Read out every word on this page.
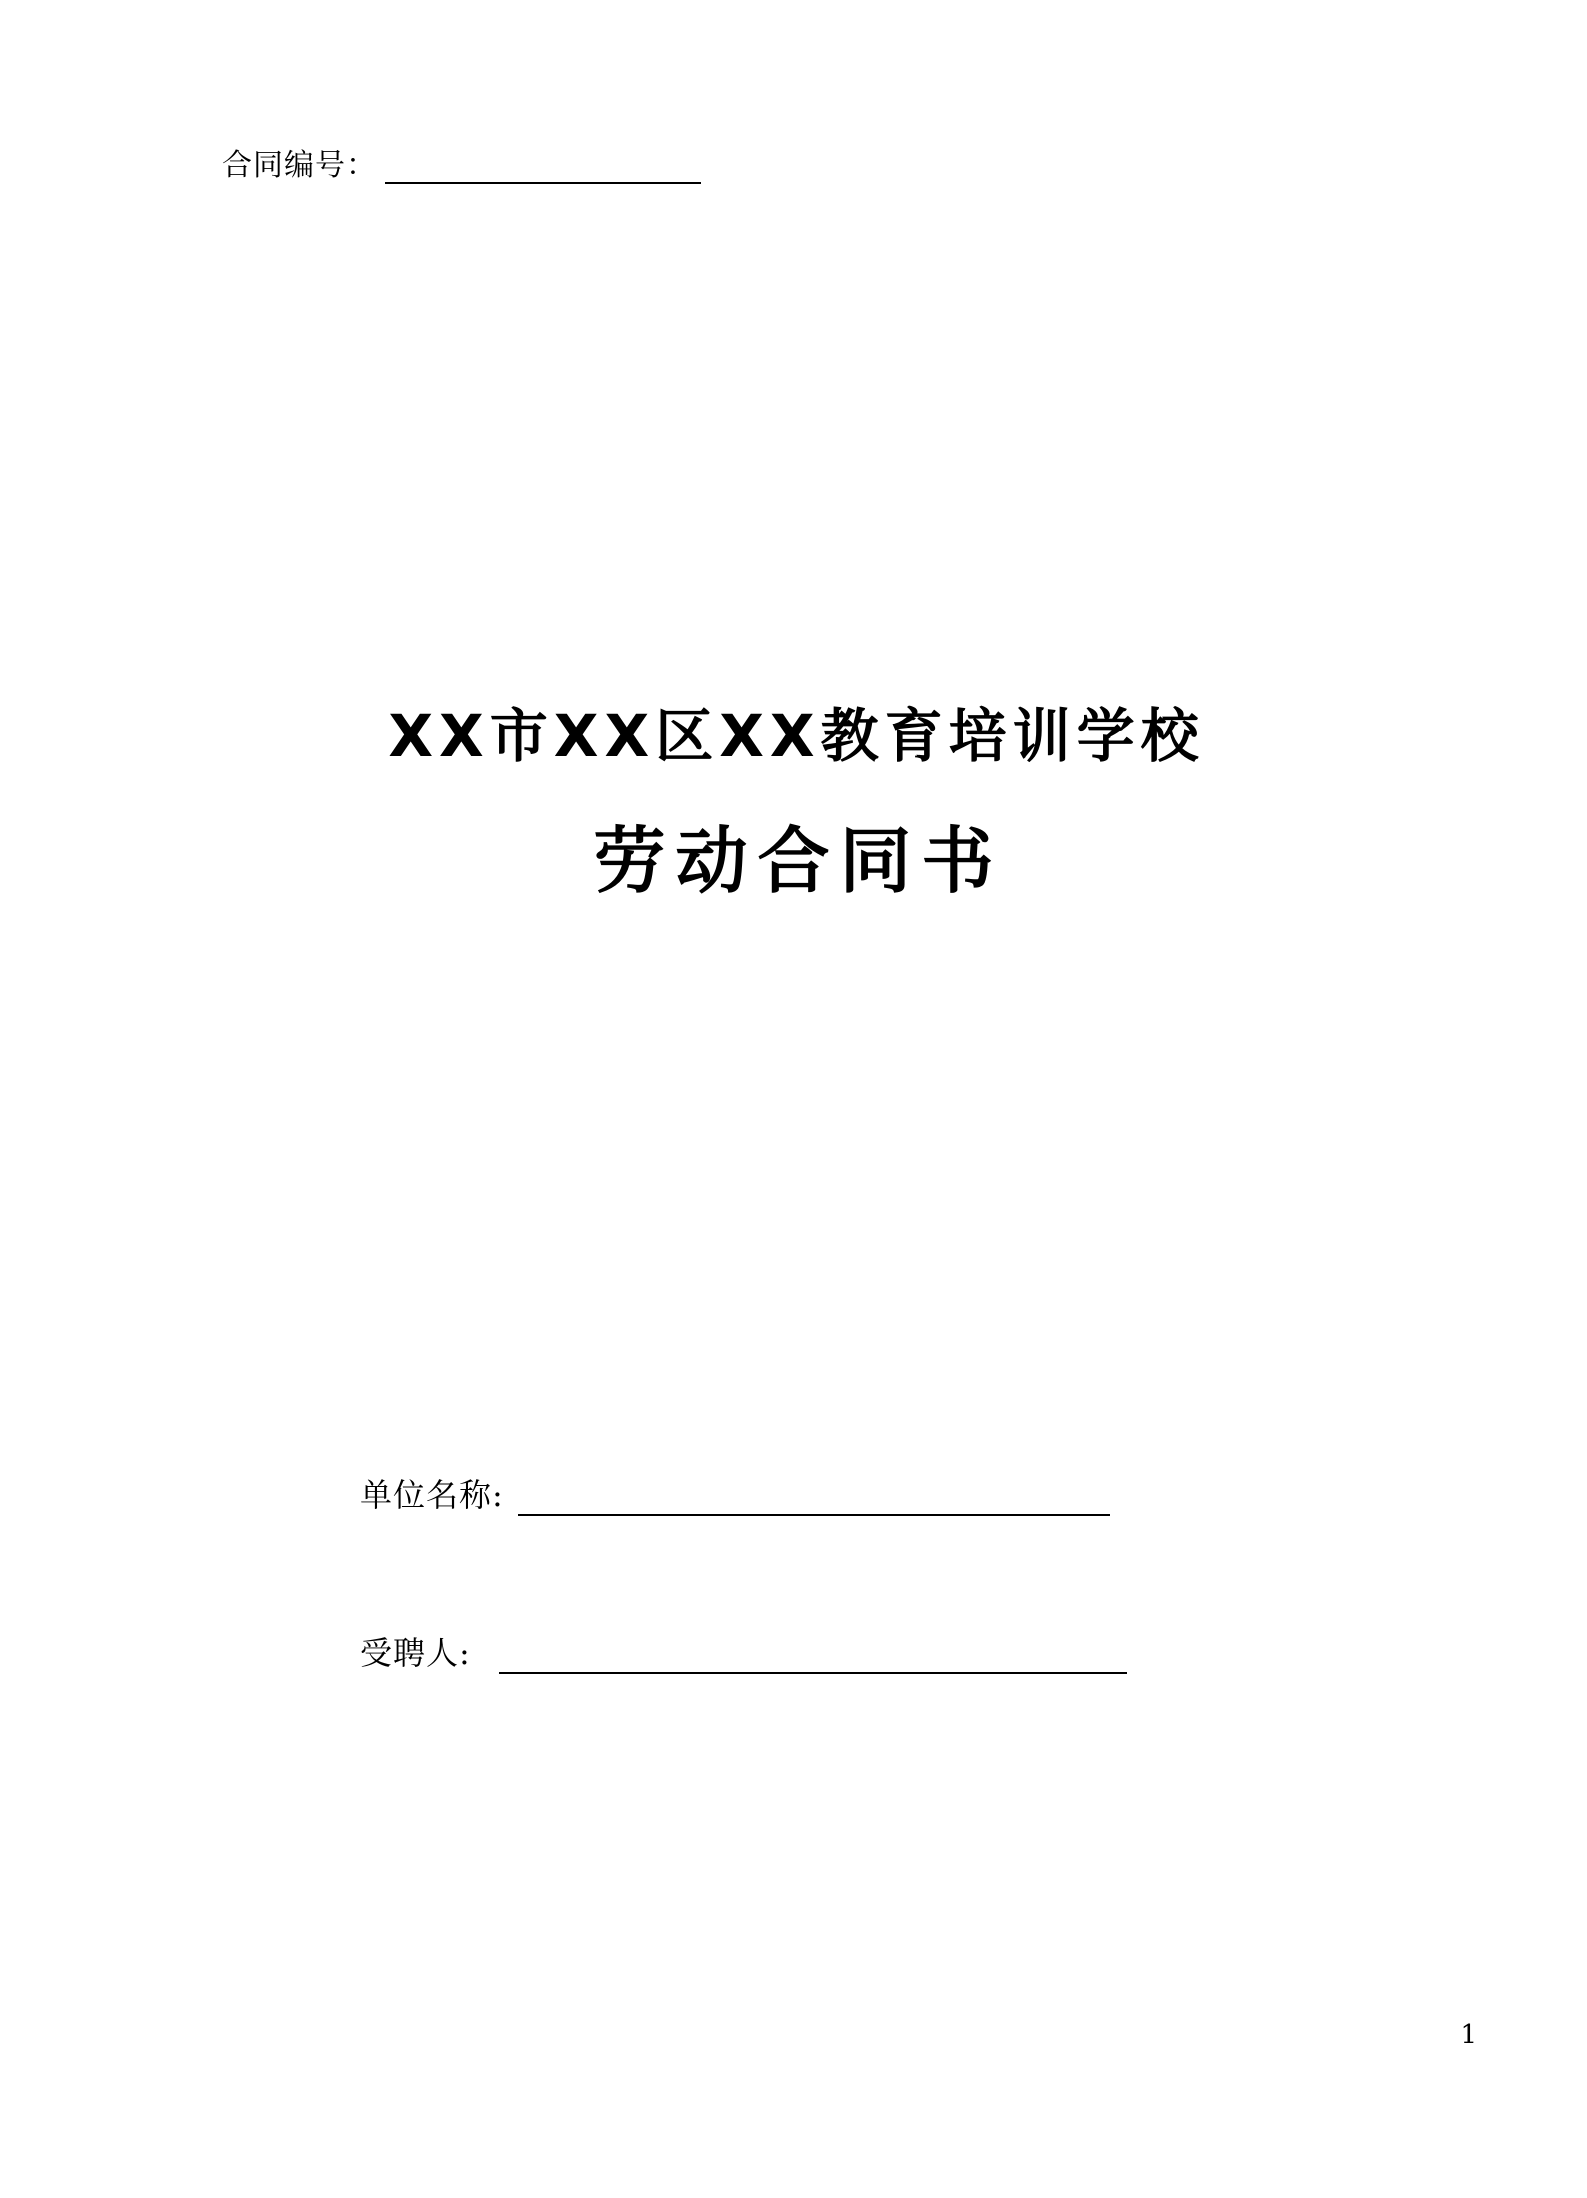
合同编号：
XX市XX区XX教育培训学校
劳动合同书
单位名称:
受聘人:
1
